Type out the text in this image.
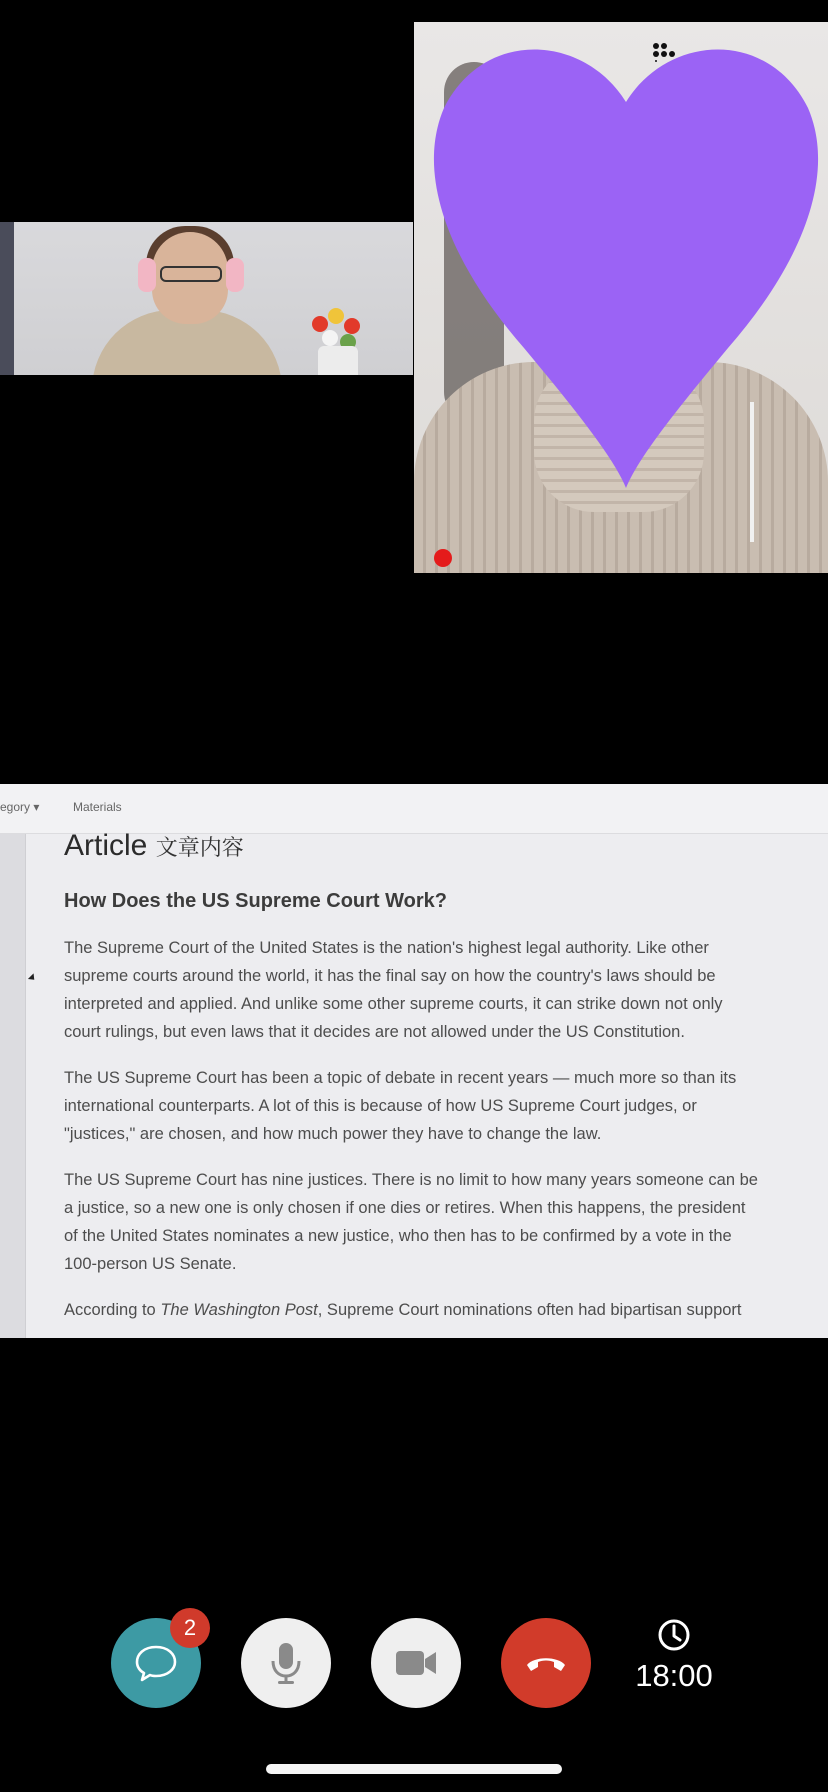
egory ▾	Materials
Article 文章内容
How Does the US Supreme Court Work?

The Supreme Court of the United States is the nation's highest legal authority. Like other
supreme courts around the world, it has the final say on how the country's laws should be
interpreted and applied. And unlike some other supreme courts, it can strike down not only
court rulings, but even laws that it decides are not allowed under the US Constitution.

The US Supreme Court has been a topic of debate in recent years — much more so than its
international counterparts. A lot of this is because of how US Supreme Court judges, or
"justices," are chosen, and how much power they have to change the law.

The US Supreme Court has nine justices. There is no limit to how many years someone can be
a justice, so a new one is only chosen if one dies or retires. When this happens, the president
of the United States nominates a new justice, who then has to be confirmed by a vote in the
100-person US Senate.

According to The Washington Post, Supreme Court nominations often had bipartisan support

2
18:00
